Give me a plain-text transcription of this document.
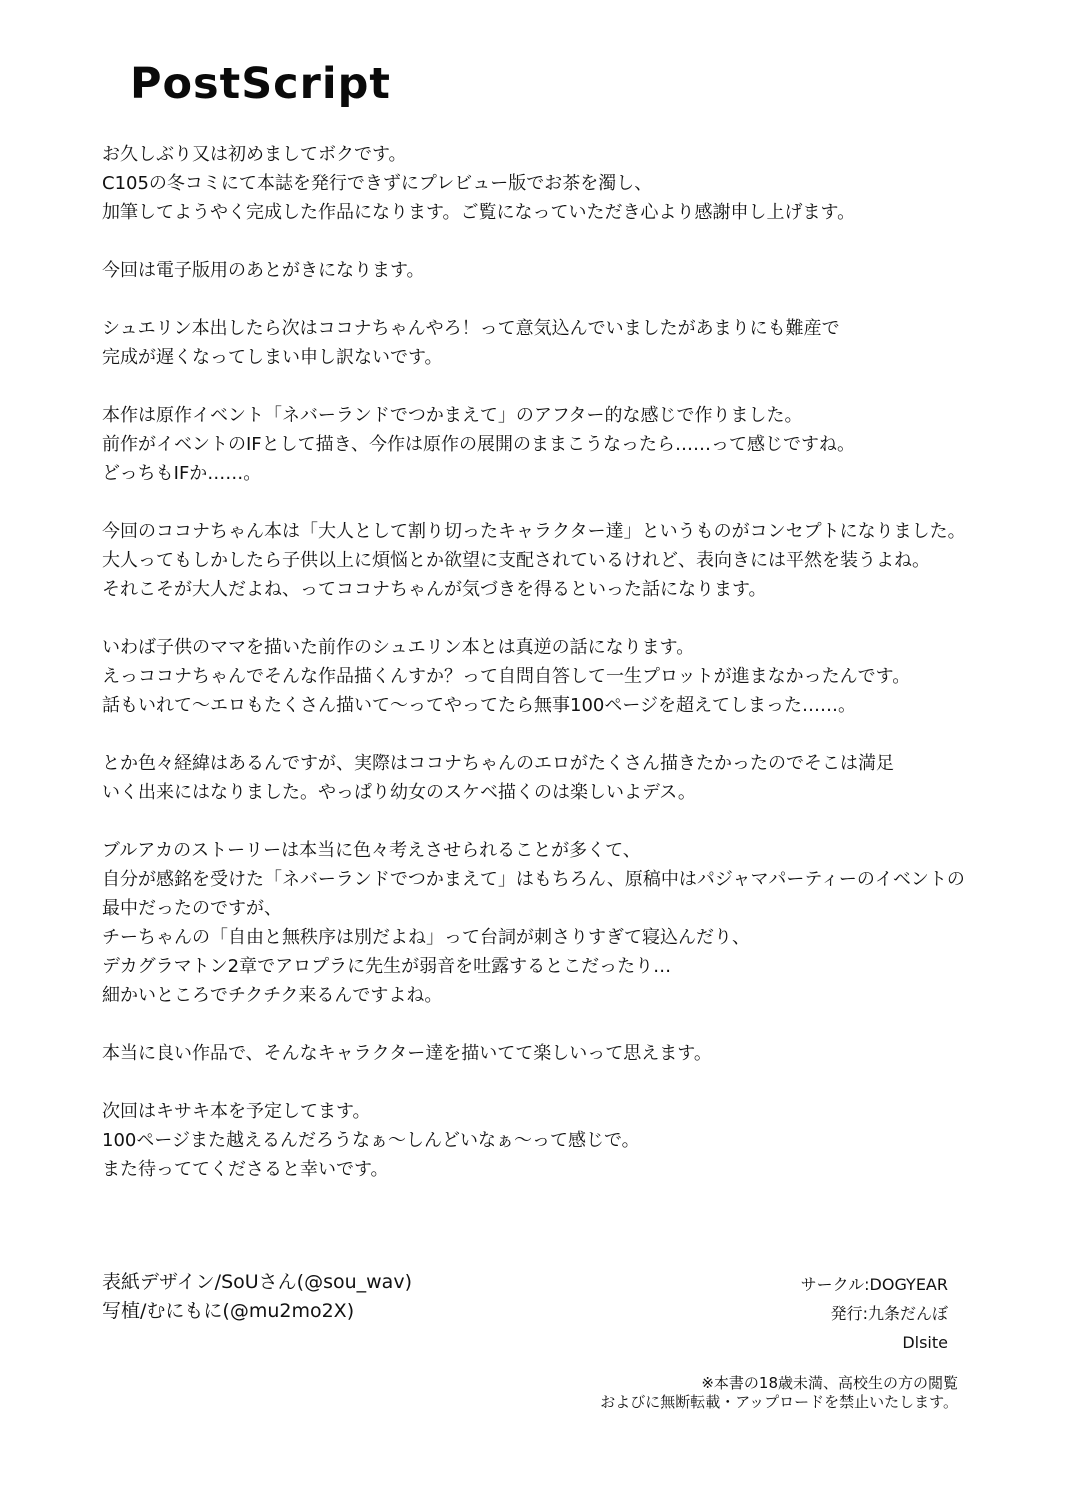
PostScript

お久しぶり又は初めましてボクです。
C105の冬コミにて本誌を発行できずにプレビュー版でお茶を濁し、
加筆してようやく完成した作品になります。ご覧になっていただき心より感謝申し上げます。

今回は電子版用のあとがきになります。

シュエリン本出したら次はココナちゃんやろ！って意気込んでいましたがあまりにも難産で
完成が遅くなってしまい申し訳ないです。

本作は原作イベント「ネバーランドでつかまえて」のアフター的な感じで作りました。
前作がイベントのIFとして描き、今作は原作の展開のままこうなったら……って感じですね。
どっちもIFか……。

今回のココナちゃん本は「大人として割り切ったキャラクター達」というものがコンセプトになりました。
大人ってもしかしたら子供以上に煩悩とか欲望に支配されているけれど、表向きには平然を装うよね。
それこそが大人だよね、ってココナちゃんが気づきを得るといった話になります。

いわば子供のママを描いた前作のシュエリン本とは真逆の話になります。
えっココナちゃんでそんな作品描くんすか？って自問自答して一生プロットが進まなかったんです。
話もいれて～エロもたくさん描いて～ってやってたら無事100ページを超えてしまった……。

とか色々経緯はあるんですが、実際はココナちゃんのエロがたくさん描きたかったのでそこは満足
いく出来にはなりました。やっぱり幼女のスケベ描くのは楽しいよデス。

ブルアカのストーリーは本当に色々考えさせられることが多くて、
自分が感銘を受けた「ネバーランドでつかまえて」はもちろん、原稿中はパジャマパーティーのイベントの
最中だったのですが、
チーちゃんの「自由と無秩序は別だよね」って台詞が刺さりすぎて寝込んだり、
デカグラマトン2章でアロプラに先生が弱音を吐露するとこだったり…
細かいところでチクチク来るんですよね。

本当に良い作品で、そんなキャラクター達を描いてて楽しいって思えます。

次回はキサキ本を予定してます。
100ページまた越えるんだろうなぁ～しんどいなぁ～って感じで。
また待っててくださると幸いです。

表紙デザイン/SoUさん(@sou_wav)
写植/むにもに(@mu2mo2X)
サークル:DOGYEAR
発行:九条だんぼ
Dlsite
※本書の18歳未満、高校生の方の閲覧
およびに無断転載・アップロードを禁止いたします。
